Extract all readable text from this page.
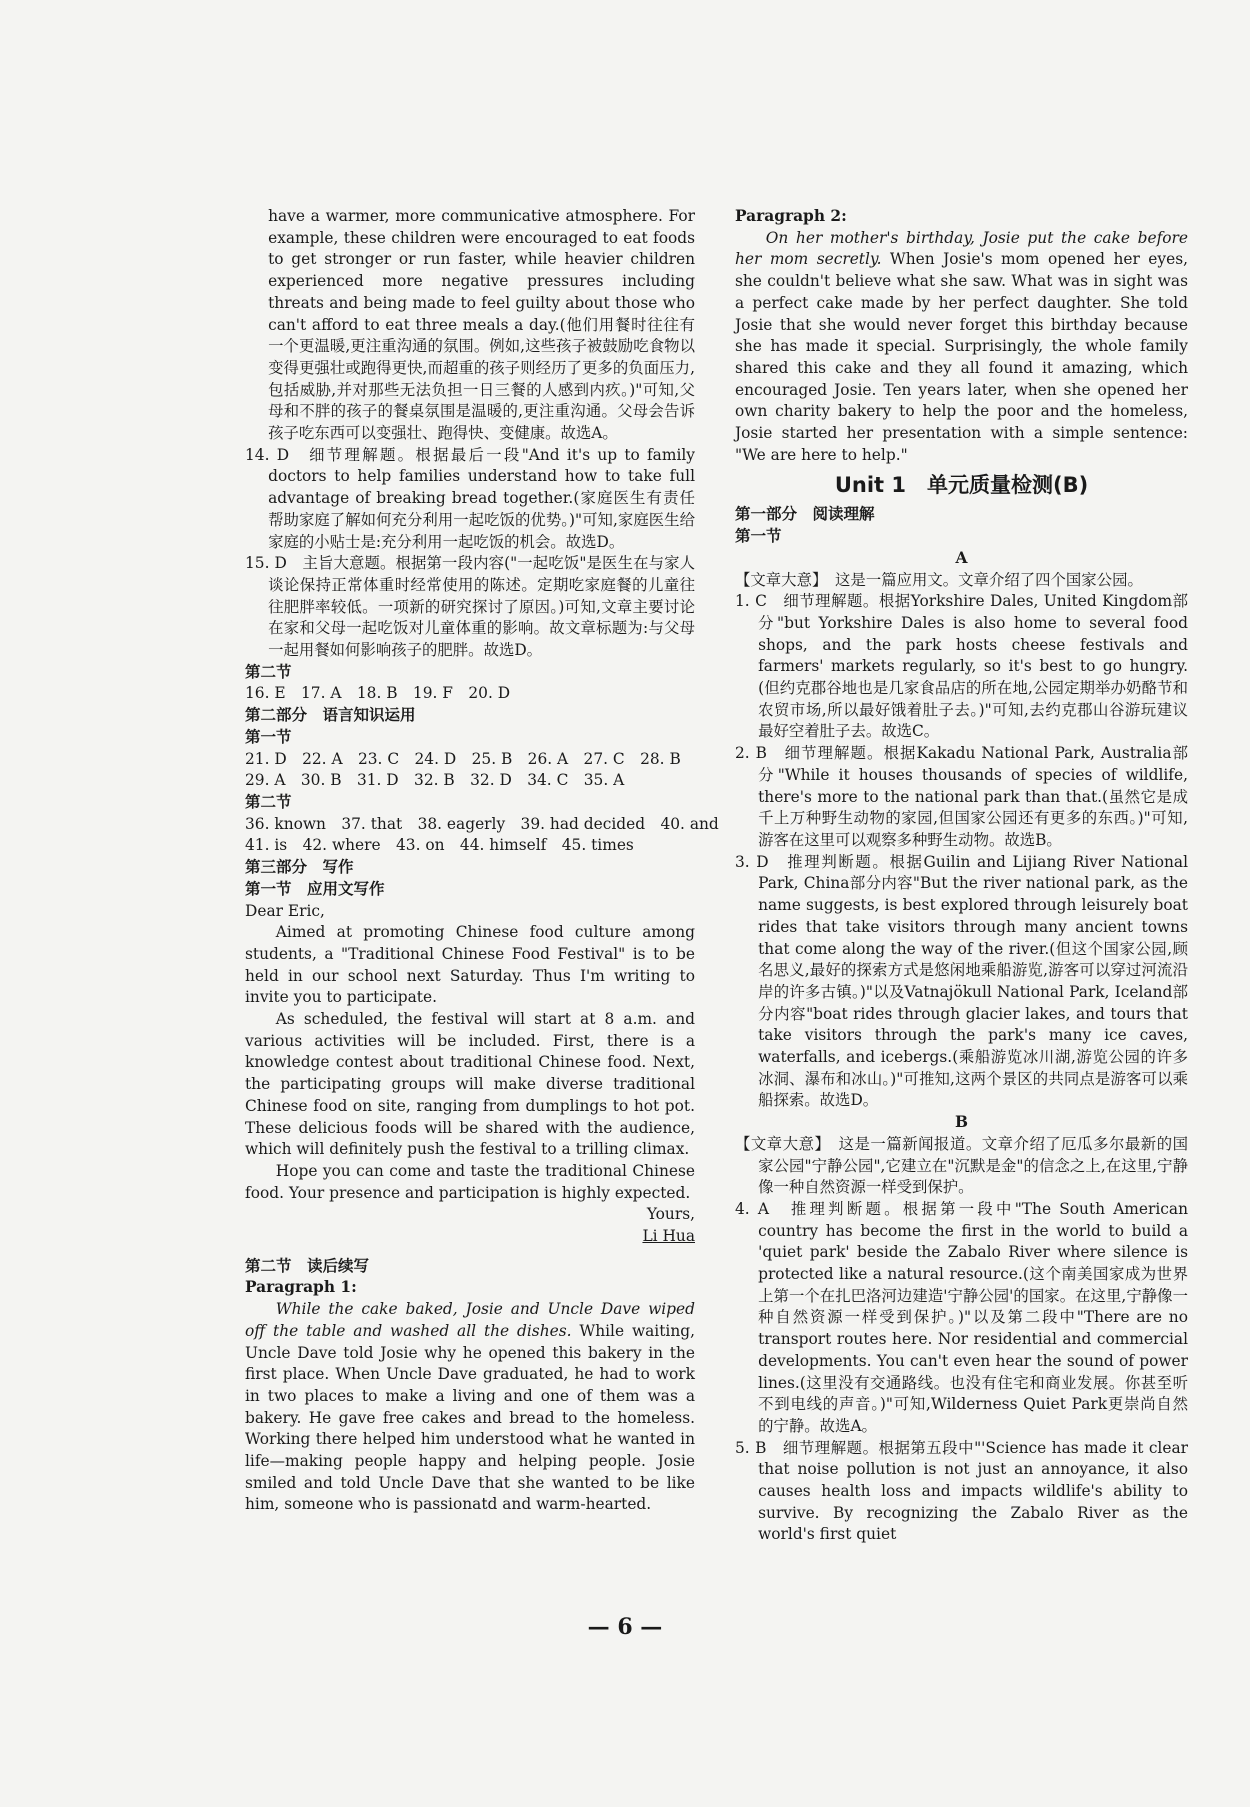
have a warmer, more communicative atmosphere. For example, these children were encouraged to eat foods to get stronger or run faster, while heavier children experienced more negative pressures including threats and being made to feel guilty about those who can't afford to eat three meals a day.(他们用餐时往往有一个更温暖,更注重沟通的氛围。例如,这些孩子被鼓励吃食物以变得更强壮或跑得更快,而超重的孩子则经历了更多的负面压力,包括威胁,并对那些无法负担一日三餐的人感到内疚。)"可知,父母和不胖的孩子的餐桌氛围是温暖的,更注重沟通。父母会告诉孩子吃东西可以变强壮、跑得快、变健康。故选A。

14. D　细节理解题。根据最后一段"And it's up to family doctors to help families understand how to take full advantage of breaking bread together.(家庭医生有责任帮助家庭了解如何充分利用一起吃饭的优势。)"可知,家庭医生给家庭的小贴士是:充分利用一起吃饭的机会。故选D。

15. D　主旨大意题。根据第一段内容("一起吃饭"是医生在与家人谈论保持正常体重时经常使用的陈述。定期吃家庭餐的儿童往往肥胖率较低。一项新的研究探讨了原因。)可知,文章主要讨论在家和父母一起吃饭对儿童体重的影响。故文章标题为:与父母一起用餐如何影响孩子的肥胖。故选D。

第二节

16. E　17. A　18. B　19. F　20. D

第二部分　语言知识运用

第一节

21. D　22. A　23. C　24. D　25. B　26. A　27. C　28. B

29. A　30. B　31. D　32. B　32. D　34. C　35. A

第二节

36. known　37. that　38. eagerly　39. had decided　40. and

41. is　42. where　43. on　44. himself　45. times

第三部分　写作

第一节　应用文写作

Dear Eric,

Aimed at promoting Chinese food culture among students, a "Traditional Chinese Food Festival" is to be held in our school next Saturday. Thus I'm writing to invite you to participate.

As scheduled, the festival will start at 8 a.m. and various activities will be included. First, there is a knowledge contest about traditional Chinese food. Next, the participating groups will make diverse traditional Chinese food on site, ranging from dumplings to hot pot. These delicious foods will be shared with the audience, which will definitely push the festival to a trilling climax.

Hope you can come and taste the traditional Chinese food. Your presence and participation is highly expected.

Yours,

Li Hua

第二节　读后续写

Paragraph 1:

While the cake baked, Josie and Uncle Dave wiped off the table and washed all the dishes. While waiting, Uncle Dave told Josie why he opened this bakery in the first place. When Uncle Dave graduated, he had to work in two places to make a living and one of them was a bakery. He gave free cakes and bread to the homeless. Working there helped him understood what he wanted in life—making people happy and helping people. Josie smiled and told Uncle Dave that she wanted to be like him, someone who is passionatd and warm-hearted.

Paragraph 2:

On her mother's birthday, Josie put the cake before her mom secretly. When Josie's mom opened her eyes, she couldn't believe what she saw. What was in sight was a perfect cake made by her perfect daughter. She told Josie that she would never forget this birthday because she has made it special. Surprisingly, the whole family shared this cake and they all found it amazing, which encouraged Josie. Ten years later, when she opened her own charity bakery to help the poor and the homeless, Josie started her presentation with a simple sentence: "We are here to help."

Unit 1　单元质量检测(B)

第一部分　阅读理解

第一节

A

【文章大意】　这是一篇应用文。文章介绍了四个国家公园。

1. C　细节理解题。根据Yorkshire Dales, United Kingdom部分"but Yorkshire Dales is also home to several food shops, and the park hosts cheese festivals and farmers' markets regularly, so it's best to go hungry.(但约克郡谷地也是几家食品店的所在地,公园定期举办奶酪节和农贸市场,所以最好饿着肚子去。)"可知,去约克郡山谷游玩建议最好空着肚子去。故选C。

2. B　细节理解题。根据Kakadu National Park, Australia部分"While it houses thousands of species of wildlife, there's more to the national park than that.(虽然它是成千上万种野生动物的家园,但国家公园还有更多的东西。)"可知,游客在这里可以观察多种野生动物。故选B。

3. D　推理判断题。根据Guilin and Lijiang River National Park, China部分内容"But the river national park, as the name suggests, is best explored through leisurely boat rides that take visitors through many ancient towns that come along the way of the river.(但这个国家公园,顾名思义,最好的探索方式是悠闲地乘船游览,游客可以穿过河流沿岸的许多古镇。)"以及Vatnajökull National Park, Iceland部分内容"boat rides through glacier lakes, and tours that take visitors through the park's many ice caves, waterfalls, and icebergs.(乘船游览冰川湖,游览公园的许多冰洞、瀑布和冰山。)"可推知,这两个景区的共同点是游客可以乘船探索。故选D。

B

【文章大意】　这是一篇新闻报道。文章介绍了厄瓜多尔最新的国家公园"宁静公园",它建立在"沉默是金"的信念之上,在这里,宁静像一种自然资源一样受到保护。

4. A　推理判断题。根据第一段中"The South American country has become the first in the world to build a 'quiet park' beside the Zabalo River where silence is protected like a natural resource.(这个南美国家成为世界上第一个在扎巴洛河边建造'宁静公园'的国家。在这里,宁静像一种自然资源一样受到保护。)"以及第二段中"There are no transport routes here. Nor residential and commercial developments. You can't even hear the sound of power lines.(这里没有交通路线。也没有住宅和商业发展。你甚至听不到电线的声音。)"可知,Wilderness Quiet Park更崇尚自然的宁静。故选A。

5. B　细节理解题。根据第五段中"'Science has made it clear that noise pollution is not just an annoyance, it also causes health loss and impacts wildlife's ability to survive. By recognizing the Zabalo River as the world's first quiet

— 6 —
